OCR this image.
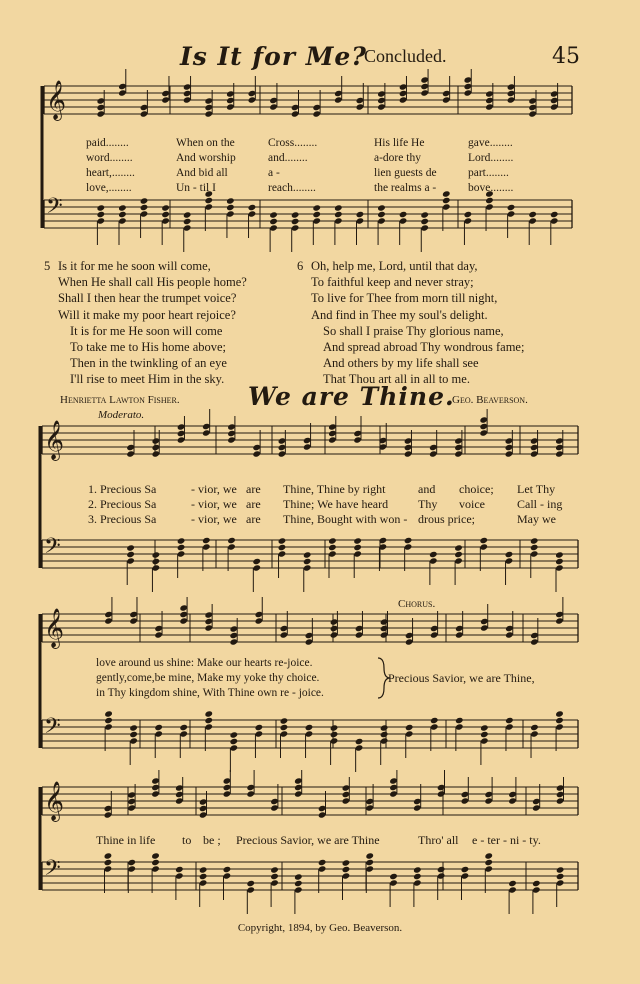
𝄞
𝄢
𝄞
𝄢
𝄞
𝄢
𝄞
𝄢
Is It for Me?
Concluded.	45
paid........	When on the	Cross........	His life He	gave........
word........	And worship	and........	a-dore thy	Lord........
heart,........	And bid all	a -	lien guests de	part........
love,........	Un - til I	reach........	the realms a -	bove........
5 Is it for me he soon will come,
When He shall call His people home?
Shall I then hear the trumpet voice?
Will it make my poor heart rejoice?
It is for me He soon will come
To take me to His home above;
Then in the twinkling of an eye
I'll rise to meet Him in the sky.
6 Oh, help me, Lord, until that day,
To faithful keep and never stray;
To live for Thee from morn till night,
And find in Thee my soul's delight.
So shall I praise Thy glorious name,
And spread abroad Thy wondrous fame;
And others by my life shall see
That Thou art all in all to me.
Henrietta Lawton Fisher.	We are Thine.
Geo. Beaverson.
Moderato.
1. Precious Sa	- vior, we are Thine, Thine by right	and choice; Let Thy
2. Precious Sa	- vior, we are Thine; We have heard Thy voice	Call - ing
3. Precious Sa	- vior, we are Thine, Bought with won - drous price;	May we
Chorus.
love around us shine: Make our hearts re-joice.
gently,come,be mine, Make my yoke thy choice.
in Thy kingdom shine, With Thine own re - joice.
Precious Savior, we are Thine,
Thine in life to be ; Precious Savior, we are Thine	Thro' all e - ter - ni - ty.
Copyright, 1894, by Geo. Beaverson.
